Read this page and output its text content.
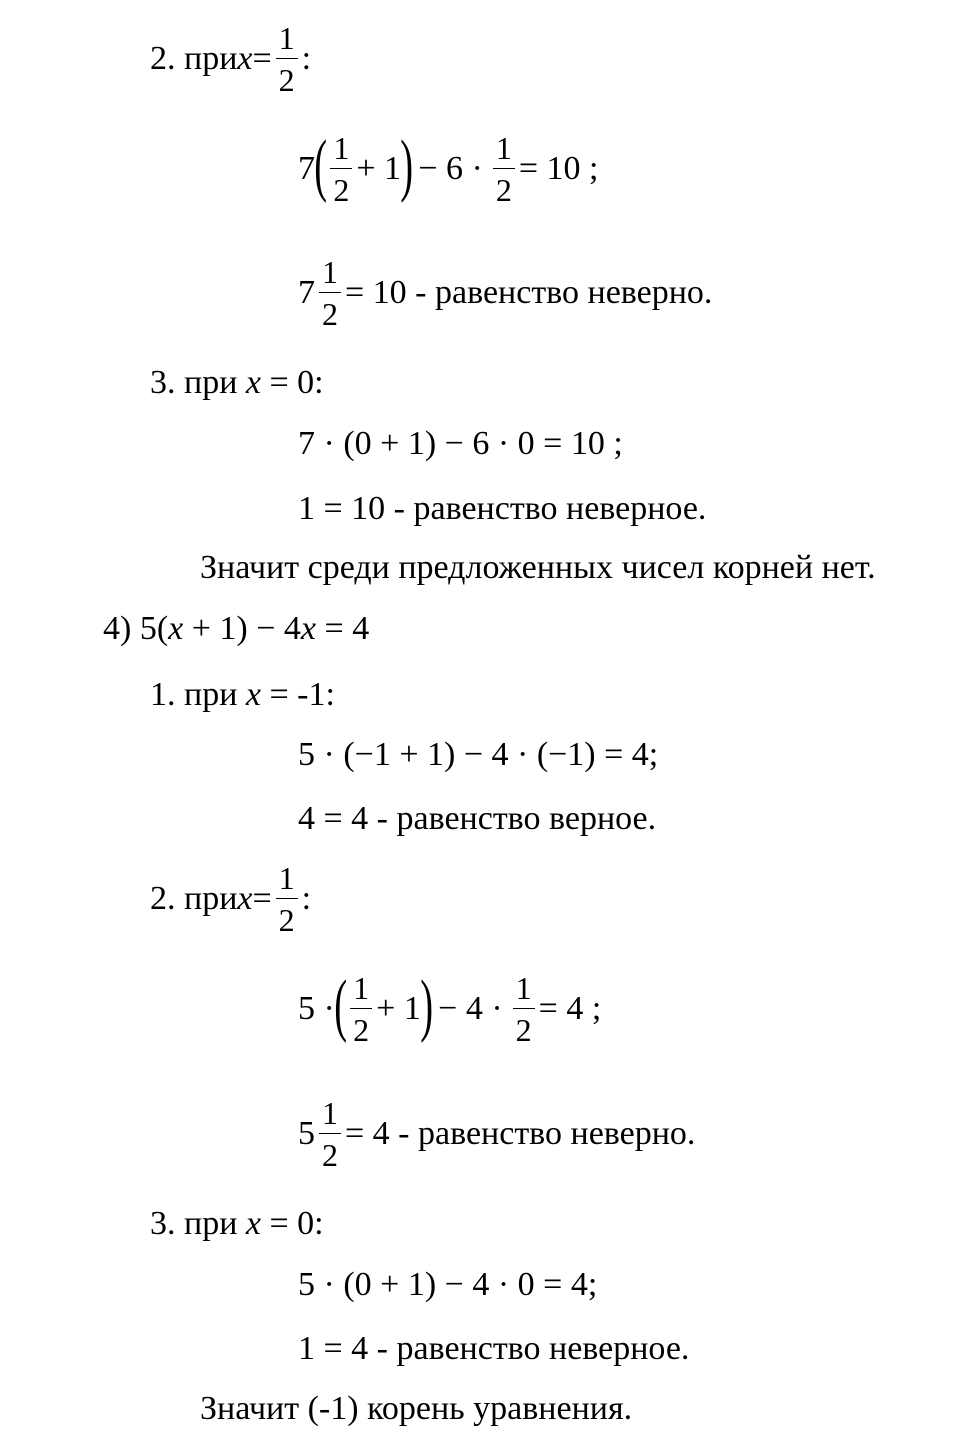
2. при $x = \frac{1}{2}$ :
7 ( $\frac{1}{2} + 1$ ) − $6 \cdot \frac{1}{2} = 10$ ;
$7 \frac{1}{2} = 10$ - равенство неверно.
3. при x = 0:
7 · (0 + 1) − 6 · 0 = 10 ;
1 = 10 - равенство неверное.
Значит среди предложенных чисел корней нет.
4) 5(x + 1) − 4x = 4
1. при x = -1:
5 · (−1 + 1) − 4 · (−1) = 4;
4 = 4 - равенство верное.
2. при $x = \frac{1}{2}$ :
5 · ( $\frac{1}{2} + 1$ ) − $4 \cdot \frac{1}{2} = 4$ ;
$5 \frac{1}{2} = 4$ - равенство неверно.
3. при x = 0:
5 · (0 + 1) − 4 · 0 = 4;
1 = 4 - равенство неверное.
Значит (-1) корень уравнения.
